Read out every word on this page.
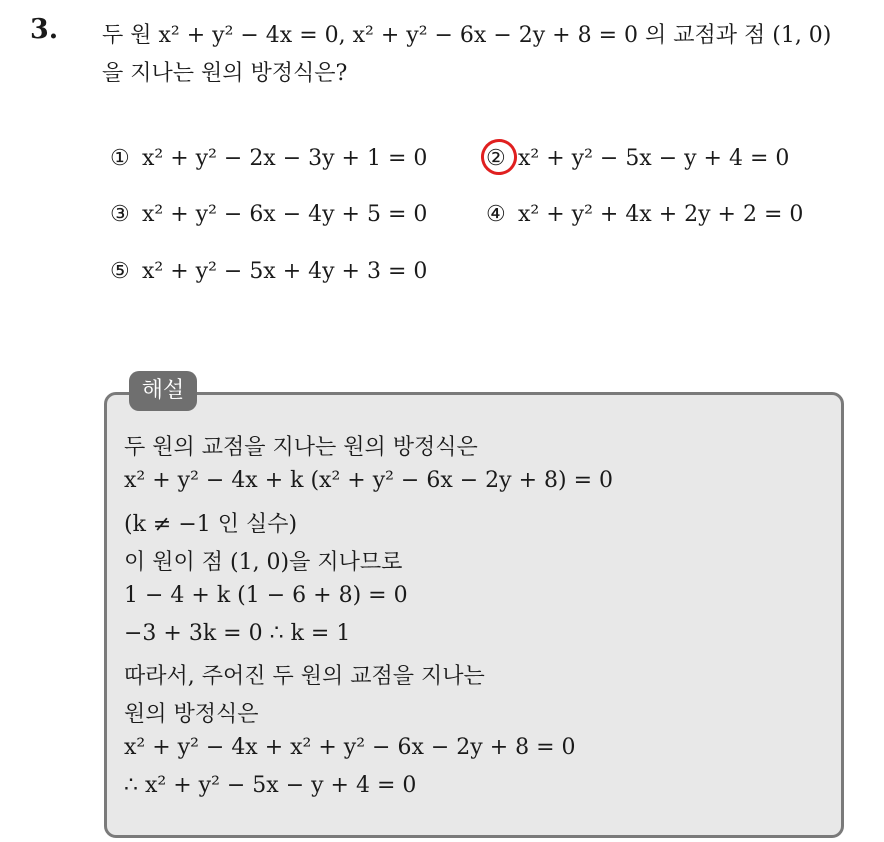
3. 두 원 x² + y² − 4x = 0, x² + y² − 6x − 2y + 8 = 0 의 교점과 점 (1, 0)
을 지나는 원의 방정식은?
① x² + y² − 2x − 3y + 1 = 0	② x² + y² − 5x − y + 4 = 0
③ x² + y² − 6x − 4y + 5 = 0	④ x² + y² + 4x + 2y + 2 = 0
⑤ x² + y² − 5x + 4y + 3 = 0
해설
두 원의 교점을 지나는 원의 방정식은
x² + y² − 4x + k (x² + y² − 6x − 2y + 8) = 0
(k ≠ −1 인 실수)
이 원이 점 (1, 0)을 지나므로
1 − 4 + k (1 − 6 + 8) = 0
−3 + 3k = 0 ∴ k = 1
따라서, 주어진 두 원의 교점을 지나는
원의 방정식은
x² + y² − 4x + x² + y² − 6x − 2y + 8 = 0
∴ x² + y² − 5x − y + 4 = 0
